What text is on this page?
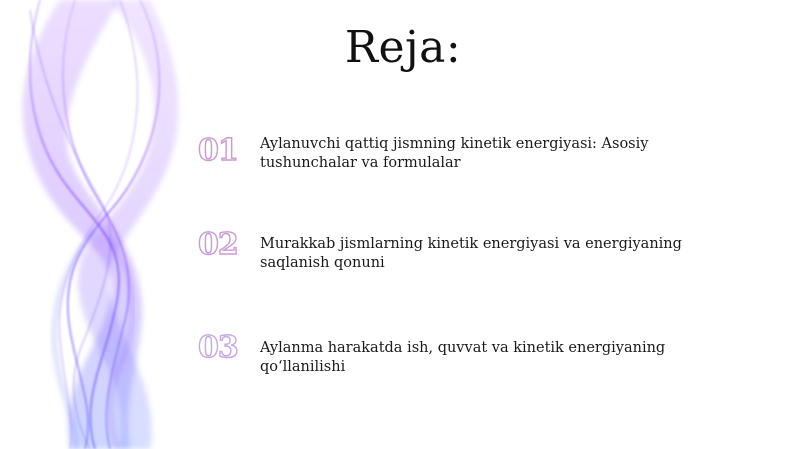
Reja:
01	Aylanuvchi qattiq jismning kinetik energiyasi: Asosiy tushunchalar va formulalar
02	Murakkab jismlarning kinetik energiyasi va energiyaning saqlanish qonuni
03	Aylanma harakatda ish, quvvat va kinetik energiyaning qo‘llanilishi
